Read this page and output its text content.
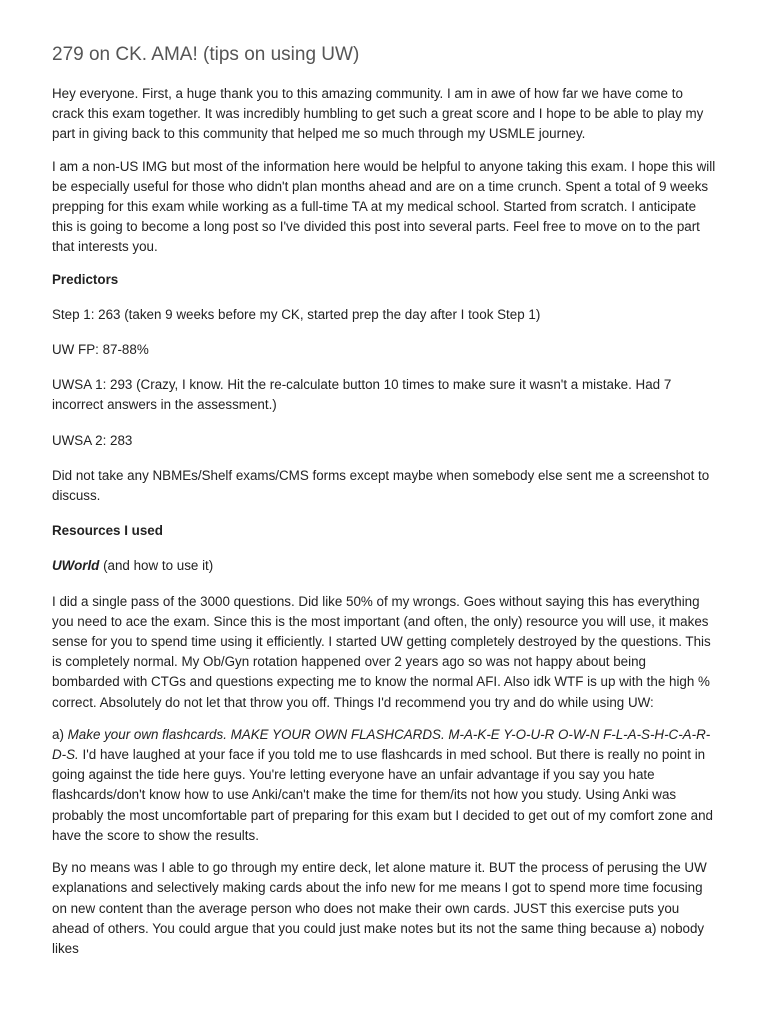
279 on CK. AMA! (tips on using UW)

Hey everyone. First, a huge thank you to this amazing community. I am in awe of how far we have come to crack this exam together. It was incredibly humbling to get such a great score and I hope to be able to play my part in giving back to this community that helped me so much through my USMLE journey.

I am a non-US IMG but most of the information here would be helpful to anyone taking this exam. I hope this will be especially useful for those who didn't plan months ahead and are on a time crunch. Spent a total of 9 weeks prepping for this exam while working as a full-time TA at my medical school. Started from scratch. I anticipate this is going to become a long post so I've divided this post into several parts. Feel free to move on to the part that interests you.

Predictors

Step 1: 263 (taken 9 weeks before my CK, started prep the day after I took Step 1)

UW FP: 87-88%

UWSA 1: 293 (Crazy, I know. Hit the re-calculate button 10 times to make sure it wasn't a mistake. Had 7 incorrect answers in the assessment.)

UWSA 2: 283

Did not take any NBMEs/Shelf exams/CMS forms except maybe when somebody else sent me a screenshot to discuss.

Resources I used

UWorld (and how to use it)

I did a single pass of the 3000 questions. Did like 50% of my wrongs. Goes without saying this has everything you need to ace the exam. Since this is the most important (and often, the only) resource you will use, it makes sense for you to spend time using it efficiently. I started UW getting completely destroyed by the questions. This is completely normal. My Ob/Gyn rotation happened over 2 years ago so was not happy about being bombarded with CTGs and questions expecting me to know the normal AFI. Also idk WTF is up with the high % correct. Absolutely do not let that throw you off. Things I'd recommend you try and do while using UW:

a) Make your own flashcards. MAKE YOUR OWN FLASHCARDS. M-A-K-E Y-O-U-R O-W-N F-L-A-S-H-C-A-R-D-S. I'd have laughed at your face if you told me to use flashcards in med school. But there is really no point in going against the tide here guys. You're letting everyone have an unfair advantage if you say you hate flashcards/don't know how to use Anki/can't make the time for them/its not how you study. Using Anki was probably the most uncomfortable part of preparing for this exam but I decided to get out of my comfort zone and have the score to show the results.

By no means was I able to go through my entire deck, let alone mature it. BUT the process of perusing the UW explanations and selectively making cards about the info new for me means I got to spend more time focusing on new content than the average person who does not make their own cards. JUST this exercise puts you ahead of others. You could argue that you could just make notes but its not the same thing because a) nobody likes
